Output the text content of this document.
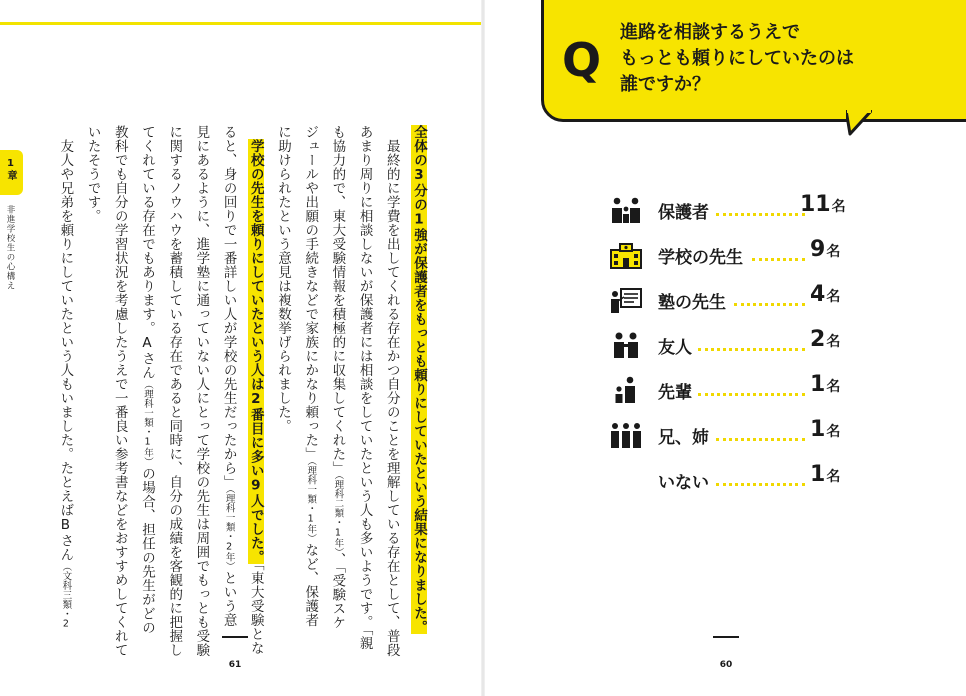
1章
非進学校生の心構え	全体の3分の1強が保護者をもっとも頼りにしていたという結果になりました。
　最終的に学費を出してくれる存在かつ自分のことを理解している存在として、普段
あまり周りに相談しないが保護者には相談をしていたという人も多いようです。「親
も協力的で、東大受験情報を積極的に収集してくれた」（理科二類・1年）、「受験スケ
ジュールや出願の手続きなどで家族にかなり頼った」（理科一類・1年）など、保護者
に助けられたという意見は複数挙げられました。
　学校の先生を頼りにしていたという人は2番目に多い9人でした。「東大受験とな
ると、身の回りで一番詳しい人が学校の先生だったから」（理科一類・2年）という意
見にあるように、進学塾に通っていない人にとって学校の先生は周囲でもっとも受験
に関するノウハウを蓄積している存在であると同時に、自分の成績を客観的に把握し
てくれている存在でもあります。Aさん（理科一類・1年）の場合、担任の先生がどの
教科でも自分の学習状況を考慮したうえで一番良い参考書などをおすすめしてくれて
いたそうです。
　友人や兄弟を頼りにしていたという人もいました。たとえばBさん（文科三類・2
61	60
Q
進路を相談するうえで
もっとも頼りにしていたのは
誰ですか？
保護者	11名
学校の先生	9名
塾の先生	4名
友人	2名
先輩	1名
兄、姉	1名
いない	1名
